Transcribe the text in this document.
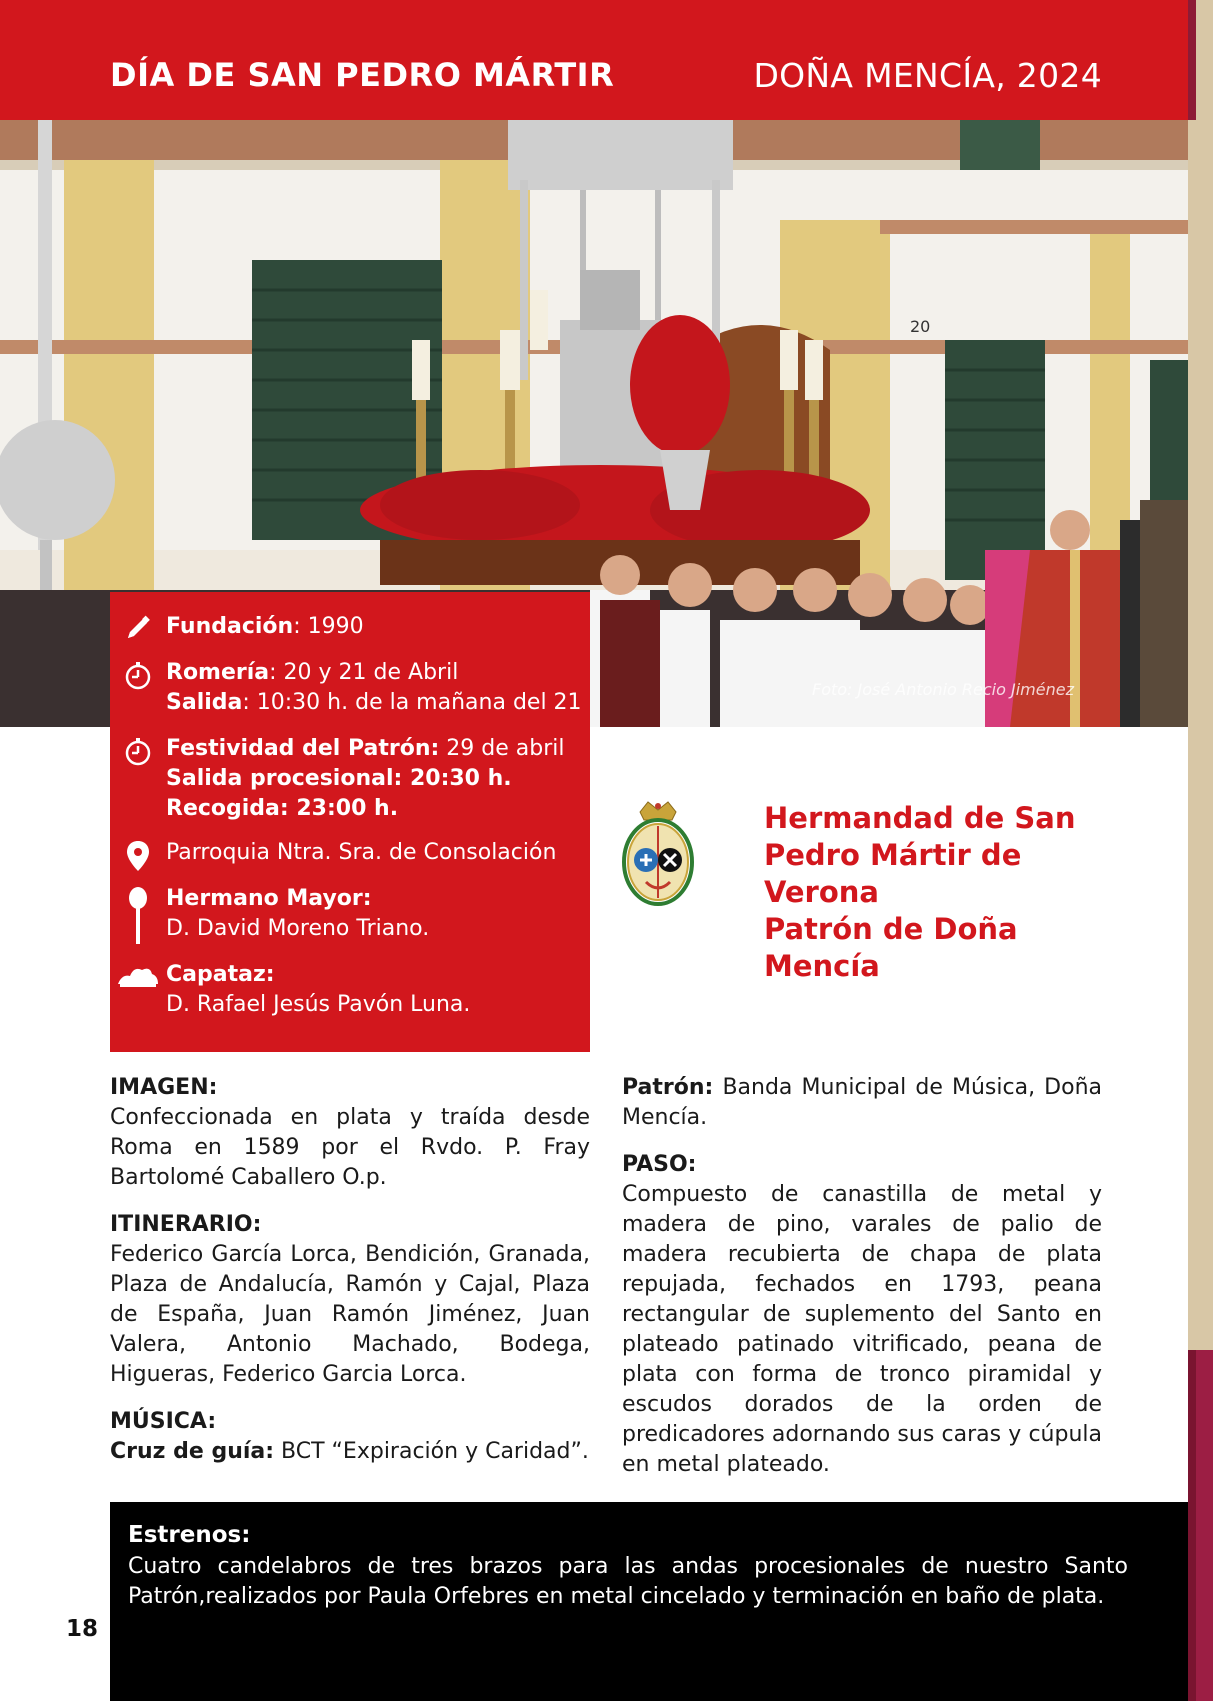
DÍA DE SAN PEDRO MÁRTIR	DOÑA MENCÍA, 2024
20
Foto: José Antonio Recio Jiménez
Fundación: 1990
Romería: 20 y 21 de Abril
Salida: 10:30 h. de la mañana del 21
Festividad del Patrón: 29 de abril
Salida procesional: 20:30 h.
Recogida: 23:00 h.
Parroquia Ntra. Sra. de Consolación
Hermano Mayor:
D. David Moreno Triano.
Capataz:
D. Rafael Jesús Pavón Luna.
Hermandad de San
Pedro Mártir de
Verona
Patrón de Doña
Mencía
IMAGEN:
Confeccionada en plata y traída desde Roma en 1589 por el Rvdo. P. Fray Bartolomé Caballero O.p.
ITINERARIO:
Federico García Lorca, Bendición, Granada, Plaza de Andalucía, Ramón y Cajal, Plaza de España, Juan Ramón Jiménez, Juan Valera, Antonio Machado, Bodega, Higueras, Federico Garcia Lorca.
MÚSICA:
Cruz de guía: BCT “Expiración y Caridad”.
Patrón: Banda Municipal de Música, Doña Mencía.
PASO:
Compuesto de canastilla de metal y madera de pino, varales de palio de madera recubierta de chapa de plata repujada, fechados en 1793, peana rectangular de suplemento del Santo en plateado patinado vitrificado, peana de plata con forma de tronco piramidal y escudos dorados de la orden de predicadores adornando sus caras y cúpula en metal plateado.
Estrenos:
Cuatro candelabros de tres brazos para las andas procesionales de nuestro Santo Patrón,realizados por Paula Orfebres en metal cincelado y terminación en baño de plata.
18
